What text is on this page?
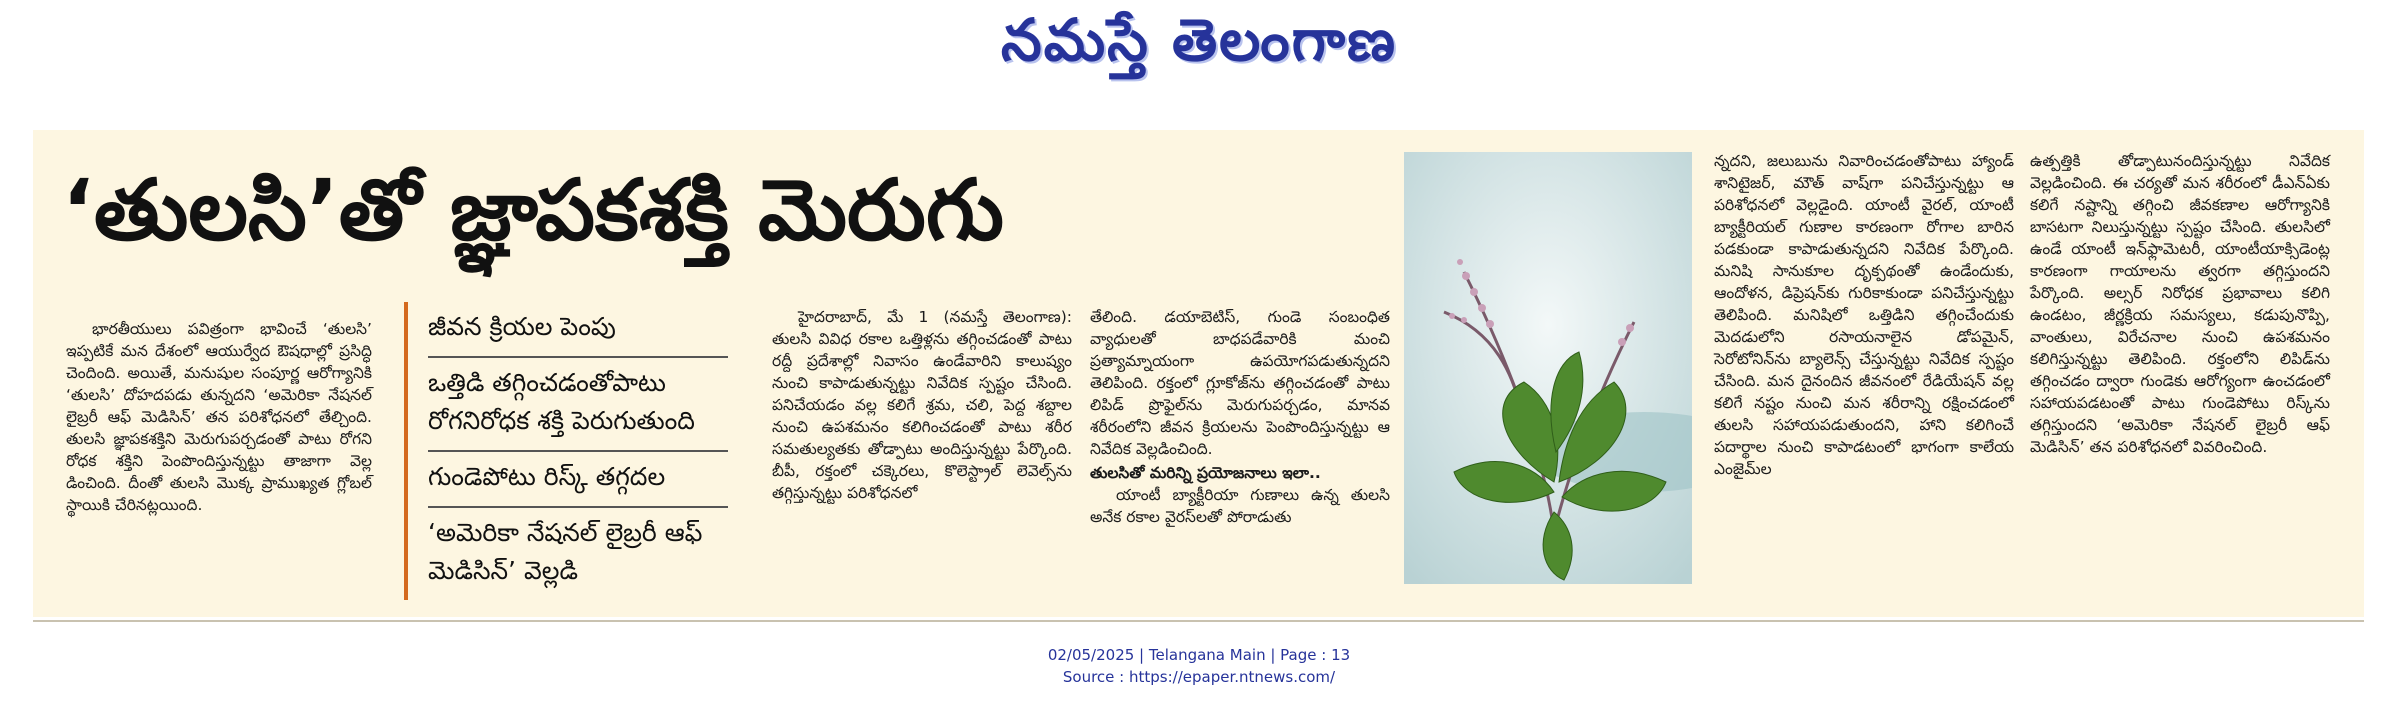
నమస్తే తెలంగాణ
‘తులసి’తో జ్ఞాపకశక్తి మెరుగు

భారతీయులు పవిత్రంగా భావించే ‘తులసి’ ఇప్పటికే మన దేశంలో ఆయుర్వేద ఔషధాల్లో ప్రసిద్ధి చెందింది. అయితే, మనుషుల సంపూర్ణ ఆరోగ్యానికి ‘తులసి’ దోహదపడు తున్నదని ‘అమెరికా నేషనల్ లైబ్రరీ ఆఫ్ మెడిసిన్’ తన పరిశోధనలో తేల్చింది. తులసి జ్ఞాపకశక్తిని మెరుగుపర్చడంతో పాటు రోగని రోధక శక్తిని పెంపొందిస్తున్నట్టు తాజాగా వెల్ల డించింది. దీంతో తులసి మొక్క ప్రాముఖ్యత గ్లోబల్ స్థాయికి చేరినట్లయింది.

జీవన క్రియల పెంపు
ఒత్తిడి తగ్గించడంతోపాటు రోగనిరోధక శక్తి పెరుగుతుంది
గుండెపోటు రిస్క్ తగ్గదల
‘అమెరికా నేషనల్ లైబ్రరీ ఆఫ్ మెడిసిన్’ వెల్లడి

హైదరాబాద్, మే 1 (నమస్తే తెలంగాణ): తులసి వివిధ రకాల ఒత్తిళ్లను తగ్గించడంతో పాటు రద్దీ ప్రదేశాల్లో నివాసం ఉండేవారిని కాలుష్యం నుంచి కాపాడుతున్నట్టు నివేదిక స్పష్టం చేసింది. పనిచేయడం వల్ల కలిగే శ్రమ, చలి, పెద్ద శబ్దాల నుంచి ఉపశమనం కలిగించడంతో పాటు శరీర సమతుల్యతకు తోడ్పాటు అందిస్తున్నట్టు పేర్కొంది. బీపీ, రక్తంలో చక్కెరలు, కొలెస్ట్రాల్ లెవెల్స్‌ను తగ్గిస్తున్నట్టు పరిశోధనలో

తేలింది. డయాబెటిస్, గుండె సంబంధిత వ్యాధులతో బాధపడేవారికి మంచి ప్రత్యామ్నాయంగా ఉపయోగపడుతున్నదని తెలిపింది. రక్తంలో గ్లూకోజ్‌ను తగ్గించడంతో పాటు లిపిడ్ ప్రొఫైల్‌ను మెరుగుపర్చడం, మానవ శరీరంలోని జీవన క్రియలను పెంపొందిస్తున్నట్టు ఆ నివేదిక వెల్లడించింది.

తులసితో మరిన్ని ప్రయోజనాలు ఇలా..

యాంటీ బ్యాక్టీరియా గుణాలు ఉన్న తులసి అనేక రకాల వైరస్‌లతో పోరాడుతు

న్నదని, జలుబును నివారించడంతోపాటు హ్యాండ్ శానిటైజర్, మౌత్ వాష్‌గా పనిచేస్తున్నట్టు ఆ పరిశోధనలో వెల్లడైంది. యాంటీ వైరల్, యాంటీ బ్యాక్టీరియల్ గుణాల కారణంగా రోగాల బారిన పడకుండా కాపాడుతున్నదని నివేదిక పేర్కొంది. మనిషి సానుకూల దృక్పథంతో ఉండేందుకు, ఆందోళన, డిప్రెషన్‌కు గురికాకుండా పనిచేస్తున్నట్టు తెలిపింది. మనిషిలో ఒత్తిడిని తగ్గించేందుకు మెదడులోని రసాయనాలైన డోపమైన్, సెరోటోనిన్‌ను బ్యాలెన్స్ చేస్తున్నట్టు నివేదిక స్పష్టం చేసింది. మన దైనందిన జీవనంలో రేడియేషన్ వల్ల కలిగే నష్టం నుంచి మన శరీరాన్ని రక్షించడంలో తులసి సహాయపడుతుందని, హాని కలిగించే పదార్థాల నుంచి కాపాడటంలో భాగంగా కాలేయ ఎంజైమ్‌ల

ఉత్పత్తికి తోడ్పాటునందిస్తున్నట్టు నివేదిక వెల్లడించింది. ఈ చర్యతో మన శరీరంలో డీఎన్‌ఏకు కలిగే నష్టాన్ని తగ్గించి జీవకణాల ఆరోగ్యానికి బాసటగా నిలుస్తున్నట్టు స్పష్టం చేసింది. తులసిలో ఉండే యాంటీ ఇన్‌ఫ్లామెటరీ, యాంటీయాక్సిడెంట్ల కారణంగా గాయాలను త్వరగా తగ్గిస్తుందని పేర్కొంది. అల్సర్ నిరోధక ప్రభావాలు కలిగి ఉండటం, జీర్ణక్రియ సమస్యలు, కడుపునొప్పి, వాంతులు, విరేచనాల నుంచి ఉపశమనం కలిగిస్తున్నట్టు తెలిపింది. రక్తంలోని లిపిడ్‌ను తగ్గించడం ద్వారా గుండెకు ఆరోగ్యంగా ఉంచడంలో సహాయపడటంతో పాటు గుండెపోటు రిస్క్‌ను తగ్గిస్తుందని ‘అమెరికా నేషనల్ లైబ్రరీ ఆఫ్ మెడిసిన్’ తన పరిశోధనలో వివరించింది.

02/05/2025 | Telangana Main | Page : 13
Source : https://epaper.ntnews.com/
